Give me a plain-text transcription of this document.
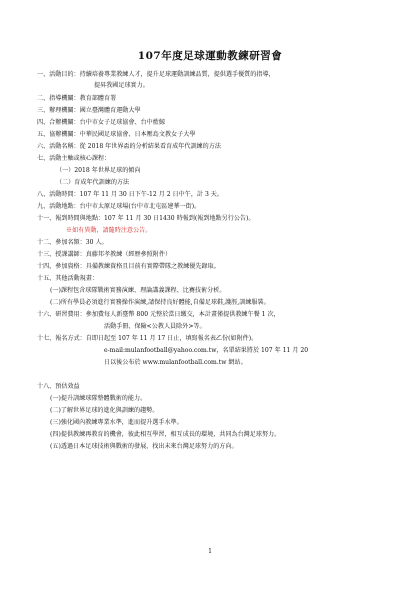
107年度足球運動教練研習會
一、活動目的：持續培養專業教練人才，提升足球運動訓練品質，提供選手優質的指導，
提昇我國足球實力。
二、指導機關：教育部體育署
三、辦理機關：國立臺灣體育運動大學
四、合辦機關：台中市女子足球協會、台中藍鯨
五、協辦機關：中華民國足球協會、日本壓島文教女子大學
六、活動名稱：從 2018 年世界盃的分析結果看育成年代訓練的方法
七、活動主軸或核心課程：
（一）2018 年世界足球的傾向
（二）育成年代訓練的方法
八、活動時間：107 年 11 月 30 日下午-12 月 2 日中午，計 3 天。
九、活動地點：台中市太原足球場(台中市北屯區建華一街)。
十一、報到時間與地點：107 年 11 月 30 日1430 時報到(報到地點另行公告)。
※如有異動，請隨時注意公告。
十二、參加名額：30 人。
十三、授課講師：真藤邦孝教練（經歷參照附件）
十四、參加資格：具備教練資格且目前有實際帶隊之教練優先錄取。
十五、其他活動規畫：
(一)課程包含球隊戰術實務演練、理論講義課程、比賽技術分析。
(二)所有學員必須進行實務操作演練,請保持良好體能,自備足球鞋,護脛,訓練服裝。
十六、研習費用：參加費每人新臺幣 800 元整於當日繳交，本計畫僅提供教練午餐 1 次，
活動手冊、保險<公教人員除外>等。
十七、報名方式：自即日起至 107 年 11 月 17 日止，填寫報名表乙份(如附件)。
e-mail:mulanfootball@yahoo.com.tw，名單結果將於 107 年 11 月 20
日以後公布於 www.mulanfootball.com.tw 網站。
十八、預估效益
(一)提升訓練球隊整體戰術的能力。
(二)了解世界足球的進化與訓練的趨勢。
(三)強化國內教練專業水準，進而提升選手水準。
(四)提供教練再教育的機會，彼此相互學習，相互成長的環境，共同為台灣足球努力。
(五)透過日本足球技術與戰術的發展，找出未來台灣足球努力的方向。
1
